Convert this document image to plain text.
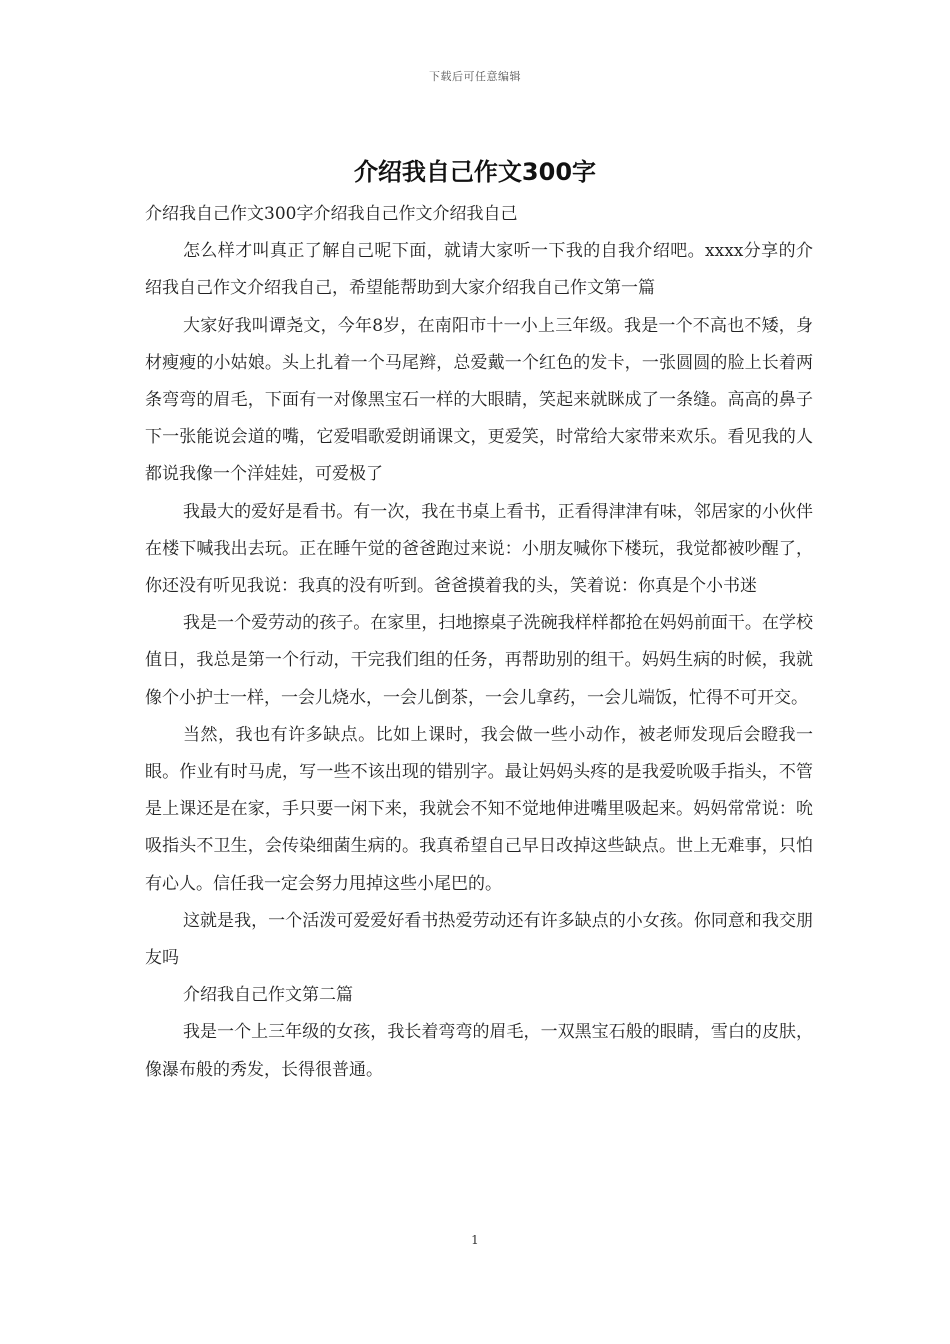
下载后可任意编辑
介绍我自己作文300字

介绍我自己作文300字介绍我自己作文介绍我自己

怎么样才叫真正了解自己呢下面，就请大家听一下我的自我介绍吧。xxxx分享的介绍我自己作文介绍我自己，希望能帮助到大家介绍我自己作文第一篇

大家好我叫谭尧文，今年8岁，在南阳市十一小上三年级。我是一个不高也不矮，身材瘦瘦的小姑娘。头上扎着一个马尾辫，总爱戴一个红色的发卡，一张圆圆的脸上长着两条弯弯的眉毛，下面有一对像黑宝石一样的大眼睛，笑起来就眯成了一条缝。高高的鼻子下一张能说会道的嘴，它爱唱歌爱朗诵课文，更爱笑，时常给大家带来欢乐。看见我的人都说我像一个洋娃娃，可爱极了

我最大的爱好是看书。有一次，我在书桌上看书，正看得津津有味，邻居家的小伙伴在楼下喊我出去玩。正在睡午觉的爸爸跑过来说：小朋友喊你下楼玩，我觉都被吵醒了，你还没有听见我说：我真的没有听到。爸爸摸着我的头，笑着说：你真是个小书迷

我是一个爱劳动的孩子。在家里，扫地擦桌子洗碗我样样都抢在妈妈前面干。在学校值日，我总是第一个行动，干完我们组的任务，再帮助别的组干。妈妈生病的时候，我就像个小护士一样，一会儿烧水，一会儿倒茶，一会儿拿药，一会儿端饭，忙得不可开交。

当然，我也有许多缺点。比如上课时，我会做一些小动作，被老师发现后会瞪我一眼。作业有时马虎，写一些不该出现的错别字。最让妈妈头疼的是我爱吮吸手指头，不管是上课还是在家，手只要一闲下来，我就会不知不觉地伸进嘴里吸起来。妈妈常常说：吮吸指头不卫生，会传染细菌生病的。我真希望自己早日改掉这些缺点。世上无难事，只怕有心人。信任我一定会努力甩掉这些小尾巴的。

这就是我，一个活泼可爱爱好看书热爱劳动还有许多缺点的小女孩。你同意和我交朋友吗

介绍我自己作文第二篇

我是一个上三年级的女孩，我长着弯弯的眉毛，一双黑宝石般的眼睛，雪白的皮肤，像瀑布般的秀发，长得很普通。

1
